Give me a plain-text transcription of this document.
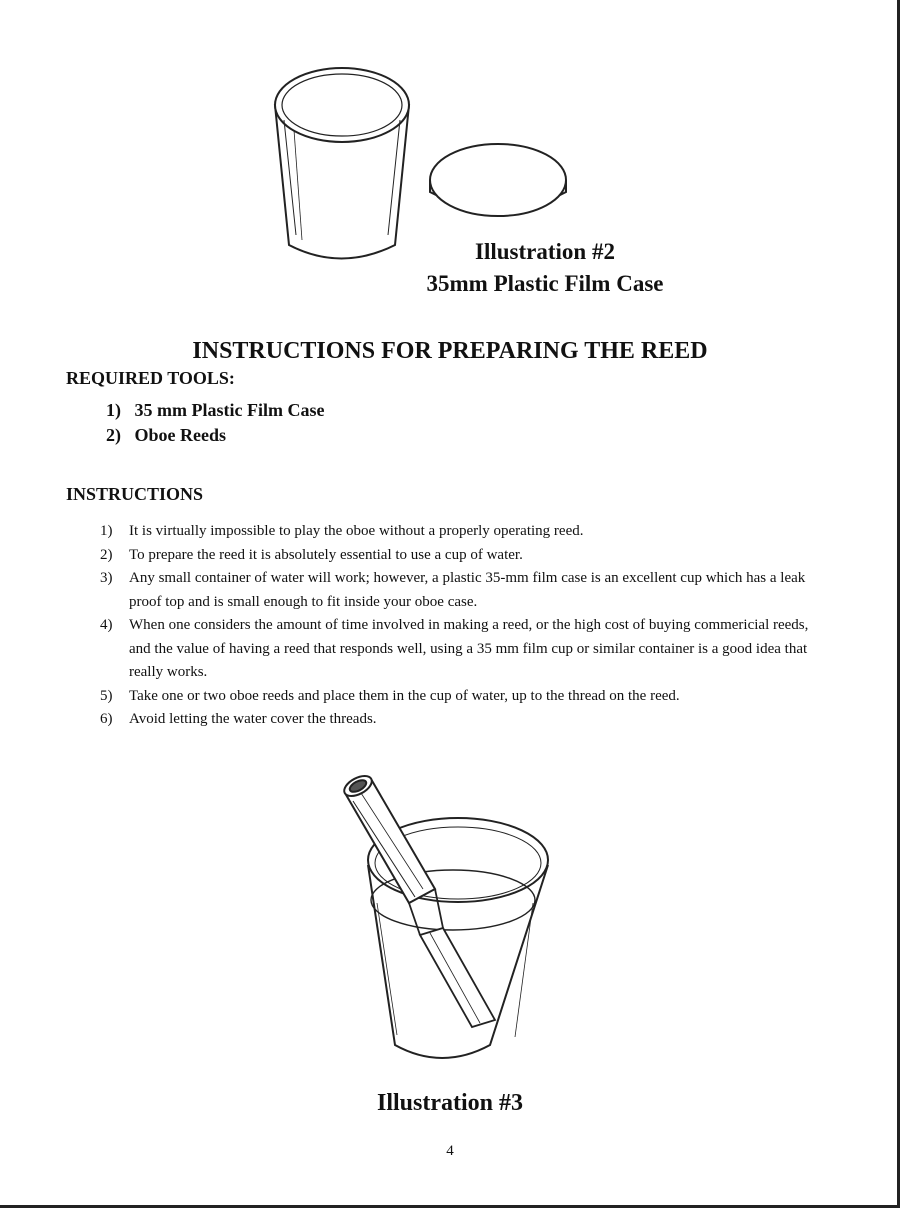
Illustration #2
35mm Plastic Film Case
INSTRUCTIONS FOR PREPARING THE REED
REQUIRED TOOLS:
1) 35 mm Plastic Film Case
2) Oboe Reeds
INSTRUCTIONS
1)	It is virtually impossible to play the oboe without a properly operating reed.
2)	To prepare the reed it is absolutely essential to use a cup of water.
3)	Any small container of water will work; however, a plastic 35-mm film case is an excellent cup which has a leak proof top and is small enough to fit inside your oboe case.
4)	When one considers the amount of time involved in making a reed, or the high cost of buying commericial reeds, and the value of having a reed that responds well, using a 35 mm film cup or similar container is a good idea that really works.
5)	Take one or two oboe reeds and place them in the cup of water, up to the thread on the reed.
6)	Avoid letting the water cover the threads.
Illustration #3
4
